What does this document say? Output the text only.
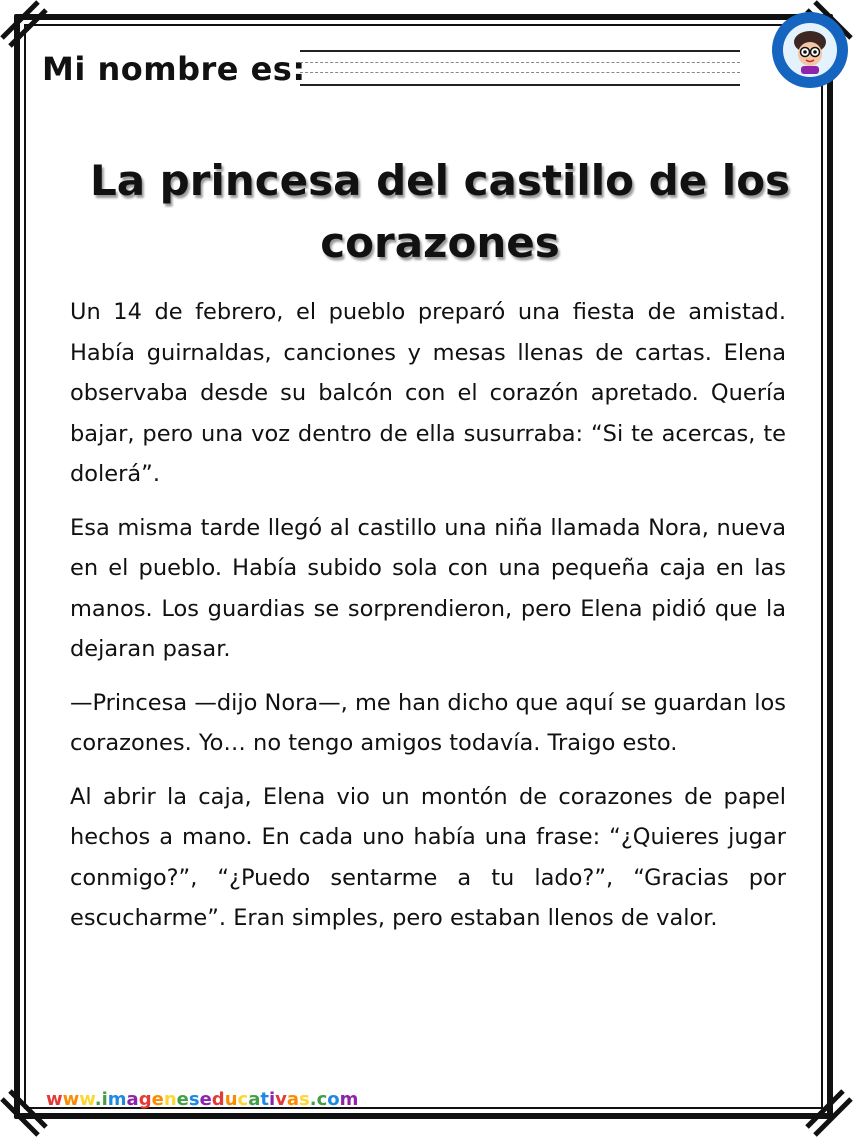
Mi nombre es:
La princesa del castillo de los corazones

Un 14 de febrero, el pueblo preparó una fiesta de amistad. Había guirnaldas, canciones y mesas llenas de cartas. Elena observaba desde su balcón con el corazón apretado. Quería bajar, pero una voz dentro de ella susurraba: “Si te acercas, te dolerá”.

Esa misma tarde llegó al castillo una niña llamada Nora, nueva en el pueblo. Había subido sola con una pequeña caja en las manos. Los guardias se sorprendieron, pero Elena pidió que la dejaran pasar.

—Princesa —dijo Nora—, me han dicho que aquí se guardan los corazones. Yo… no tengo amigos todavía. Traigo esto.

Al abrir la caja, Elena vio un montón de corazones de papel hechos a mano. En cada uno había una frase: “¿Quieres jugar conmigo?”, “¿Puedo sentarme a tu lado?”, “Gracias por escucharme”. Eran simples, pero estaban llenos de valor.

www.imageneseducativas.com
